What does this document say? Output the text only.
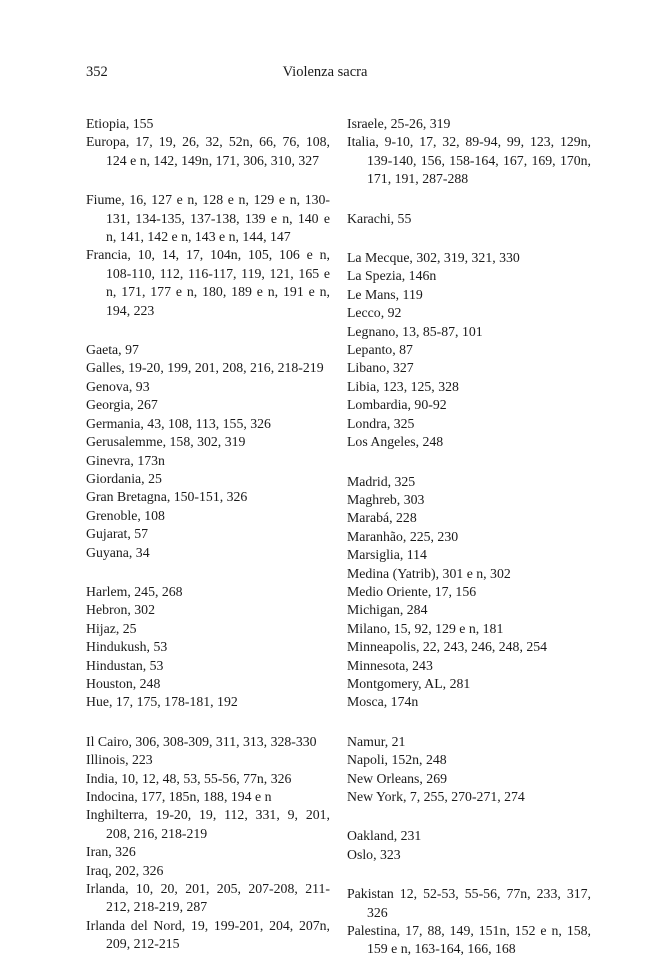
352	Violenza sacra
Etiopia, 155
Europa, 17, 19, 26, 32, 52n, 66, 76, 108, 124 e n, 142, 149n, 171, 306, 310, 327
Fiume, 16, 127 e n, 128 e n, 129 e n, 130-131, 134-135, 137-138, 139 e n, 140 e n, 141, 142 e n, 143 e n, 144, 147
Francia, 10, 14, 17, 104n, 105, 106 e n, 108-110, 112, 116-117, 119, 121, 165 e n, 171, 177 e n, 180, 189 e n, 191 e n, 194, 223
Gaeta, 97
Galles, 19-20, 199, 201, 208, 216, 218-219
Genova, 93
Georgia, 267
Germania, 43, 108, 113, 155, 326
Gerusalemme, 158, 302, 319
Ginevra, 173n
Giordania, 25
Gran Bretagna, 150-151, 326
Grenoble, 108
Gujarat, 57
Guyana, 34
Harlem, 245, 268
Hebron, 302
Hijaz, 25
Hindukush, 53
Hindustan, 53
Houston, 248
Hue, 17, 175, 178-181, 192
Il Cairo, 306, 308-309, 311, 313, 328-330
Illinois, 223
India, 10, 12, 48, 53, 55-56, 77n, 326
Indocina, 177, 185n, 188, 194 e n
Inghilterra, 19-20, 19, 112, 331, 9, 201, 208, 216, 218-219
Iran, 326
Iraq, 202, 326
Irlanda, 10, 20, 201, 205, 207-208, 211-212, 218-219, 287
Irlanda del Nord, 19, 199-201, 204, 207n, 209, 212-215
Israele, 25-26, 319
Italia, 9-10, 17, 32, 89-94, 99, 123, 129n, 139-140, 156, 158-164, 167, 169, 170n, 171, 191, 287-288
Karachi, 55
La Mecque, 302, 319, 321, 330
La Spezia, 146n
Le Mans, 119
Lecco, 92
Legnano, 13, 85-87, 101
Lepanto, 87
Libano, 327
Libia, 123, 125, 328
Lombardia, 90-92
Londra, 325
Los Angeles, 248
Madrid, 325
Maghreb, 303
Marabá, 228
Maranhão, 225, 230
Marsiglia, 114
Medina (Yatrib), 301 e n, 302
Medio Oriente, 17, 156
Michigan, 284
Milano, 15, 92, 129 e n, 181
Minneapolis, 22, 243, 246, 248, 254
Minnesota, 243
Montgomery, AL, 281
Mosca, 174n
Namur, 21
Napoli, 152n, 248
New Orleans, 269
New York, 7, 255, 270-271, 274
Oakland, 231
Oslo, 323
Pakistan 12, 52-53, 55-56, 77n, 233, 317, 326
Palestina, 17, 88, 149, 151n, 152 e n, 158, 159 e n, 163-164, 166, 168
